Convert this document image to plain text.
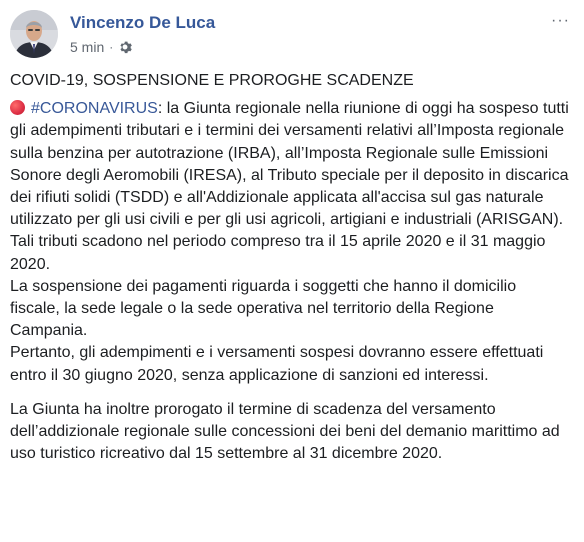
Vincenzo De Luca
5 min ·
···

COVID-19, SOSPENSIONE E PROROGHE SCADENZE

#CORONAVIRUS: la Giunta regionale nella riunione di oggi ha sospeso tutti gli adempimenti tributari e i termini dei versamenti relativi all’Imposta regionale sulla benzina per autotrazione (IRBA), all’Imposta Regionale sulle Emissioni Sonore degli Aeromobili (IRESA), al Tributo speciale per il deposito in discarica dei rifiuti solidi (TSDD) e all'Addizionale applicata all'accisa sul gas naturale utilizzato per gli usi civili e per gli usi agricoli, artigiani e industriali (ARISGAN). Tali tributi scadono nel periodo compreso tra il 15 aprile 2020 e il 31 maggio 2020.

La sospensione dei pagamenti riguarda i soggetti che hanno il domicilio fiscale, la sede legale o la sede operativa nel territorio della Regione Campania.

Pertanto, gli adempimenti e i versamenti sospesi dovranno essere effettuati entro il 30 giugno 2020, senza applicazione di sanzioni ed interessi.

La Giunta ha inoltre prorogato il termine di scadenza del versamento dell’addizionale regionale sulle concessioni dei beni del demanio marittimo ad uso turistico ricreativo dal 15 settembre al 31 dicembre 2020.
